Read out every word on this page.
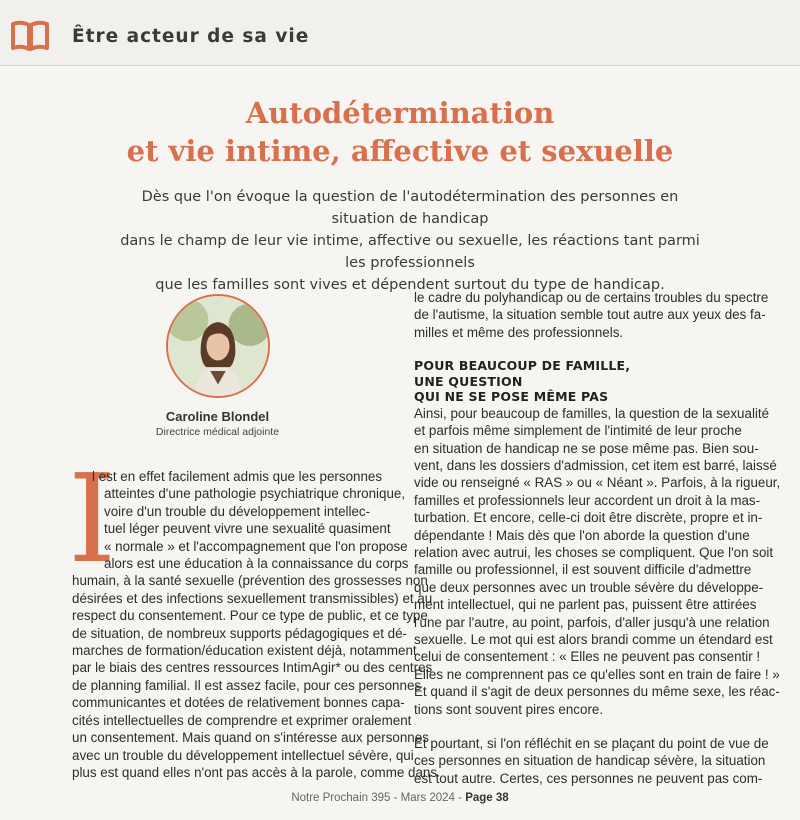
Être acteur de sa vie
Autodétermination
et vie intime, affective et sexuelle
Dès que l'on évoque la question de l'autodétermination des personnes en situation de handicap
dans le champ de leur vie intime, affective ou sexuelle, les réactions tant parmi les professionnels
que les familles sont vives et dépendent surtout du type de handicap.
Caroline Blondel
Directrice médical adjointe
I
l est en effet facilement admis que les personnes
atteintes d'une pathologie psychiatrique chronique,
voire d'un trouble du développement intellec-
tuel léger peuvent vivre une sexualité quasiment
« normale » et l'accompagnement que l'on propose
alors est une éducation à la connaissance du corps
humain, à la santé sexuelle (prévention des grossesses non
désirées et des infections sexuellement transmissibles) et au
respect du consentement. Pour ce type de public, et ce type
de situation, de nombreux supports pédagogiques et dé-
marches de formation/éducation existent déjà, notamment
par le biais des centres ressources IntimAgir* ou des centres
de planning familial. Il est assez facile, pour ces personnes
communicantes et dotées de relativement bonnes capa-
cités intellectuelles de comprendre et exprimer oralement
un consentement. Mais quand on s'intéresse aux personnes
avec un trouble du développement intellectuel sévère, qui
plus est quand elles n'ont pas accès à la parole, comme dans

le cadre du polyhandicap ou de certains troubles du spectre
de l'autisme, la situation semble tout autre aux yeux des fa-
milles et même des professionnels.

POUR BEAUCOUP DE FAMILLE,
UNE QUESTION
QUI NE SE POSE MÊME PAS

Ainsi, pour beaucoup de familles, la question de la sexualité
et parfois même simplement de l'intimité de leur proche
en situation de handicap ne se pose même pas. Bien sou-
vent, dans les dossiers d'admission, cet item est barré, laissé
vide ou renseigné « RAS » ou « Néant ». Parfois, à la rigueur,
familles et professionnels leur accordent un droit à la mas-
turbation. Et encore, celle-ci doit être discrète, propre et in-
dépendante ! Mais dès que l'on aborde la question d'une
relation avec autrui, les choses se compliquent. Que l'on soit
famille ou professionnel, il est souvent difficile d'admettre
que deux personnes avec un trouble sévère du développe-
ment intellectuel, qui ne parlent pas, puissent être attirées
l'une par l'autre, au point, parfois, d'aller jusqu'à une relation
sexuelle. Le mot qui est alors brandi comme un étendard est
celui de consentement : « Elles ne peuvent pas consentir !
Elles ne comprennent pas ce qu'elles sont en train de faire ! »
Et quand il s'agit de deux personnes du même sexe, les réac-
tions sont souvent pires encore.

Et pourtant, si l'on réfléchit en se plaçant du point de vue de
ces personnes en situation de handicap sévère, la situation
est tout autre. Certes, ces personnes ne peuvent pas com-

Notre Prochain 395 - Mars 2024 - Page 38
